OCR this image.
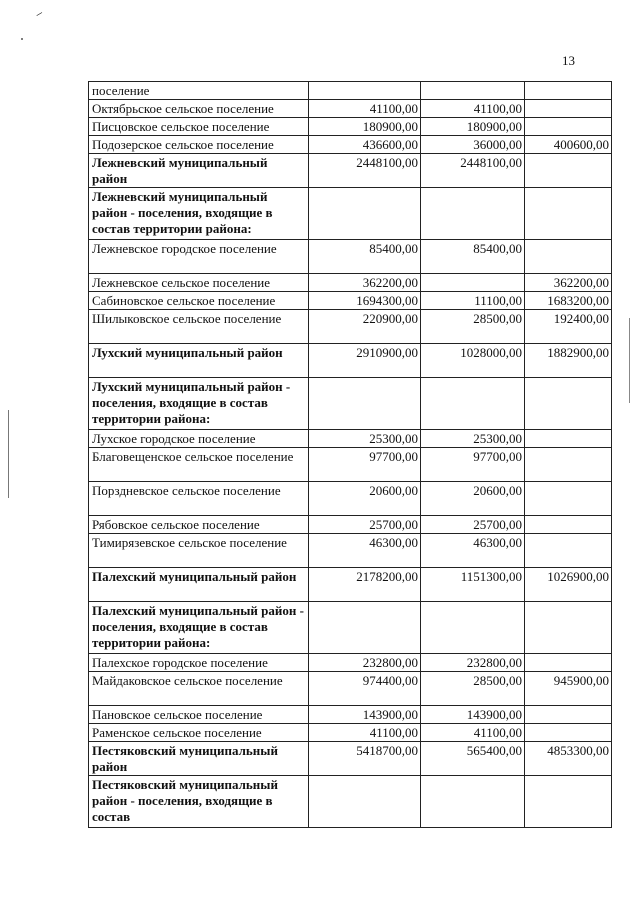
–
13
поселение			
Октябрьское сельское поселение	41100,00	41100,00	
Писцовское сельское поселение	180900,00	180900,00	
Подозерское сельское поселение	436600,00	36000,00	400600,00
Лежневский муниципальный район	2448100,00	2448100,00	
Лежневский муниципальный район - поселения, входящие в состав территории района:			
Лежневское городское поселение	85400,00	85400,00	
Лежневское сельское поселение	362200,00		362200,00
Сабиновское сельское поселение	1694300,00	11100,00	1683200,00
Шилыковское сельское поселение	220900,00	28500,00	192400,00
Лухский муниципальный район	2910900,00	1028000,00	1882900,00
Лухский муниципальный район - поселения, входящие в состав территории района:			
Лухское городское поселение	25300,00	25300,00	
Благовещенское сельское поселение	97700,00	97700,00	
Порздневское сельское поселение	20600,00	20600,00	
Рябовское сельское поселение	25700,00	25700,00	
Тимирязевское сельское поселение	46300,00	46300,00	
Палехский муниципальный район	2178200,00	1151300,00	1026900,00
Палехский муниципальный район - поселения, входящие в состав территории района:			
Палехское городское поселение	232800,00	232800,00	
Майдаковское сельское поселение	974400,00	28500,00	945900,00
Пановское сельское поселение	143900,00	143900,00	
Раменское сельское поселение	41100,00	41100,00	
Пестяковский муниципальный район	5418700,00	565400,00	4853300,00
Пестяковский муниципальный район - поселения, входящие в состав			
